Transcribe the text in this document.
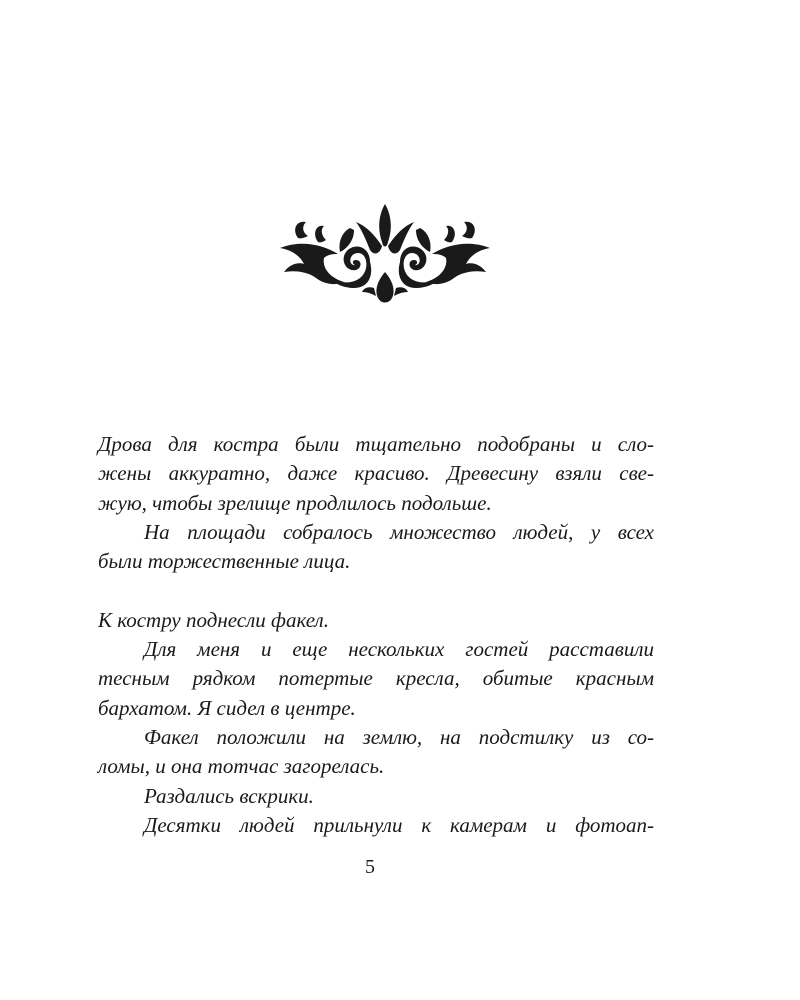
Дрова для костра были тщательно подобраны и сло-
жены аккуратно, даже красиво. Древесину взяли све-
жую, чтобы зрелище продлилось подольше.
На площади собралось множество людей, у всех
были торжественные лица.
К костру поднесли факел.
Для меня и еще нескольких гостей расставили
тесным рядком потертые кресла, обитые красным
бархатом. Я сидел в центре.
Факел положили на землю, на подстилку из со-
ломы, и она тотчас загорелась.
Раздались вскрики.
Десятки людей прильнули к камерам и фотоап-
5
